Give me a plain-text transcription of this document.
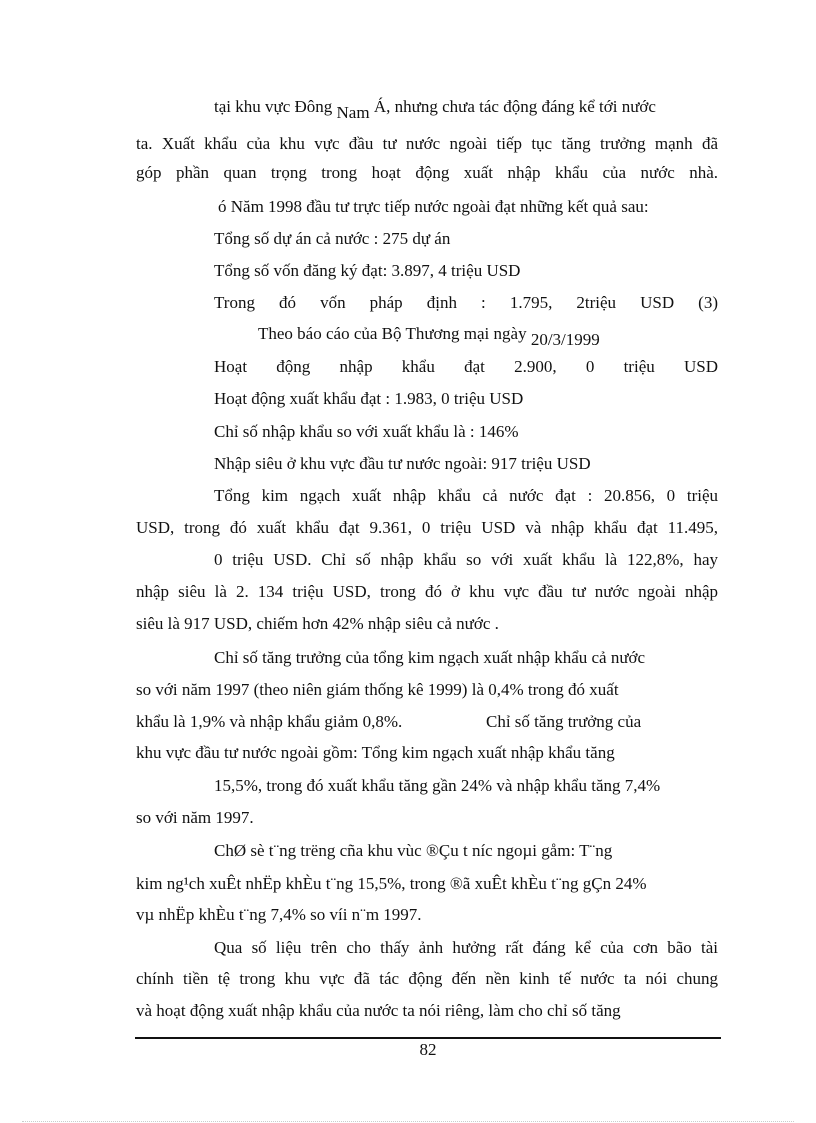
tại khu vực Đông Nam Á, nhưng chưa tác động đáng kể tới nước
ta. Xuất khẩu của khu vực đầu tư nước ngoài tiếp tục tăng trưởng mạnh đã
góp phần quan trọng trong hoạt động xuất nhập khẩu của nước nhà.
ó Năm 1998 đầu tư trực tiếp nước ngoài đạt những kết quả sau:
Tổng số dự án cả nước : 275 dự án
Tổng số vốn đăng ký đạt: 3.897, 4 triệu USD
Trong đó vốn pháp định : 1.795, 2triệu USD (3)
Theo báo cáo của Bộ Thương mại ngày 20/3/1999
Hoạt động nhập khẩu đạt 2.900, 0 triệu USD
Hoạt động xuất khẩu đạt : 1.983, 0 triệu USD
Chỉ số nhập khẩu so với xuất khẩu là : 146%
Nhập siêu ở khu vực đầu tư nước ngoài: 917 triệu USD
Tổng kim ngạch xuất nhập khẩu cả nước đạt : 20.856, 0 triệu
USD, trong đó xuất khẩu đạt 9.361, 0 triệu USD và nhập khẩu đạt 11.495,
0 triệu USD. Chỉ số nhập khẩu so với xuất khẩu là 122,8%, hay
nhập siêu là 2. 134 triệu USD, trong đó ở khu vực đầu tư nước ngoài nhập
siêu là 917 USD, chiếm hơn 42% nhập siêu cả nước .
Chỉ số tăng trưởng của tổng kim ngạch xuất nhập khẩu cả nước
so với năm 1997 (theo niên giám thống kê 1999) là 0,4% trong đó xuất
khẩu là 1,9% và nhập khẩu giảm 0,8%.	Chỉ số tăng trưởng của
khu vực đầu tư nước ngoài gồm: Tổng kim ngạch xuất nhập khẩu tăng
15,5%, trong đó xuất khẩu tăng gần 24% và nhập khẩu tăng 7,4%
so với năm 1997.
ChØ sè t¨ng trëng cña khu vùc ®Çu t níc ngoµi gåm: T¨ng
kim ng¹ch xuÊt nhËp khÈu t¨ng 15,5%, trong ®ã xuÊt khÈu t¨ng gÇn 24%
vµ nhËp khÈu t¨ng 7,4% so víi n¨m 1997.
Qua số liệu trên cho thấy ảnh hưởng rất đáng kể của cơn bão tài
chính tiền tệ trong khu vực đã tác động đến nền kinh tế nước ta nói chung
và hoạt động xuất nhập khẩu của nước ta nói riêng, làm cho chỉ số tăng
82
